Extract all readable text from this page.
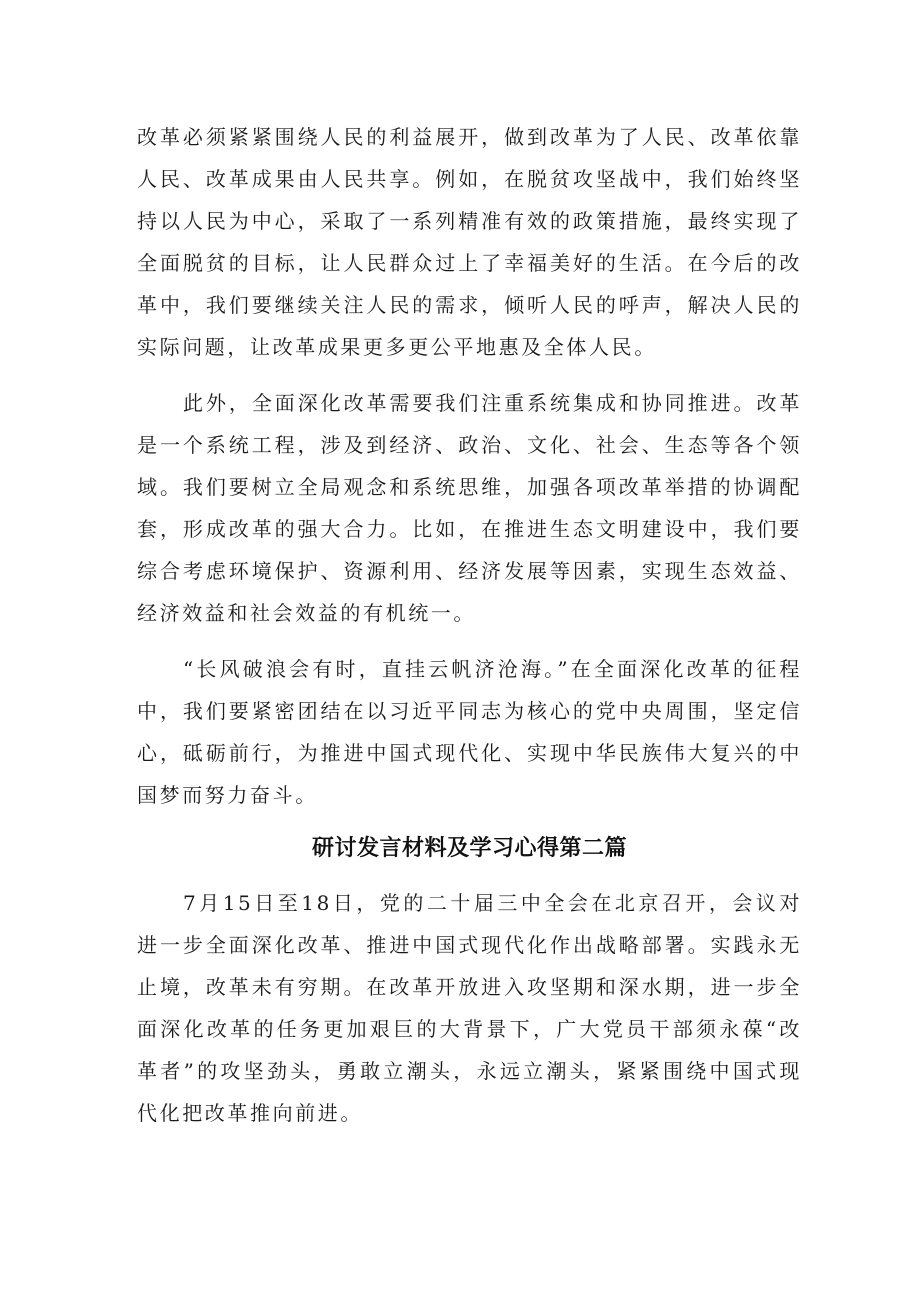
改革必须紧紧围绕人民的利益展开，做到改革为了人民、改革依靠人民、改革成果由人民共享。例如，在脱贫攻坚战中，我们始终坚持以人民为中心，采取了一系列精准有效的政策措施，最终实现了全面脱贫的目标，让人民群众过上了幸福美好的生活。在今后的改革中，我们要继续关注人民的需求，倾听人民的呼声，解决人民的实际问题，让改革成果更多更公平地惠及全体人民。

此外，全面深化改革需要我们注重系统集成和协同推进。改革是一个系统工程，涉及到经济、政治、文化、社会、生态等各个领域。我们要树立全局观念和系统思维，加强各项改革举措的协调配套，形成改革的强大合力。比如，在推进生态文明建设中，我们要综合考虑环境保护、资源利用、经济发展等因素，实现生态效益、经济效益和社会效益的有机统一。

“长风破浪会有时，直挂云帆济沧海。”在全面深化改革的征程中，我们要紧密团结在以习近平同志为核心的党中央周围，坚定信心，砥砺前行，为推进中国式现代化、实现中华民族伟大复兴的中国梦而努力奋斗。

研讨发言材料及学习心得第二篇

7月15日至18日，党的二十届三中全会在北京召开，会议对进一步全面深化改革、推进中国式现代化作出战略部署。实践永无止境，改革未有穷期。在改革开放进入攻坚期和深水期，进一步全面深化改革的任务更加艰巨的大背景下，广大党员干部须永葆“改革者”的攻坚劲头，勇敢立潮头，永远立潮头，紧紧围绕中国式现代化把改革推向前进。
